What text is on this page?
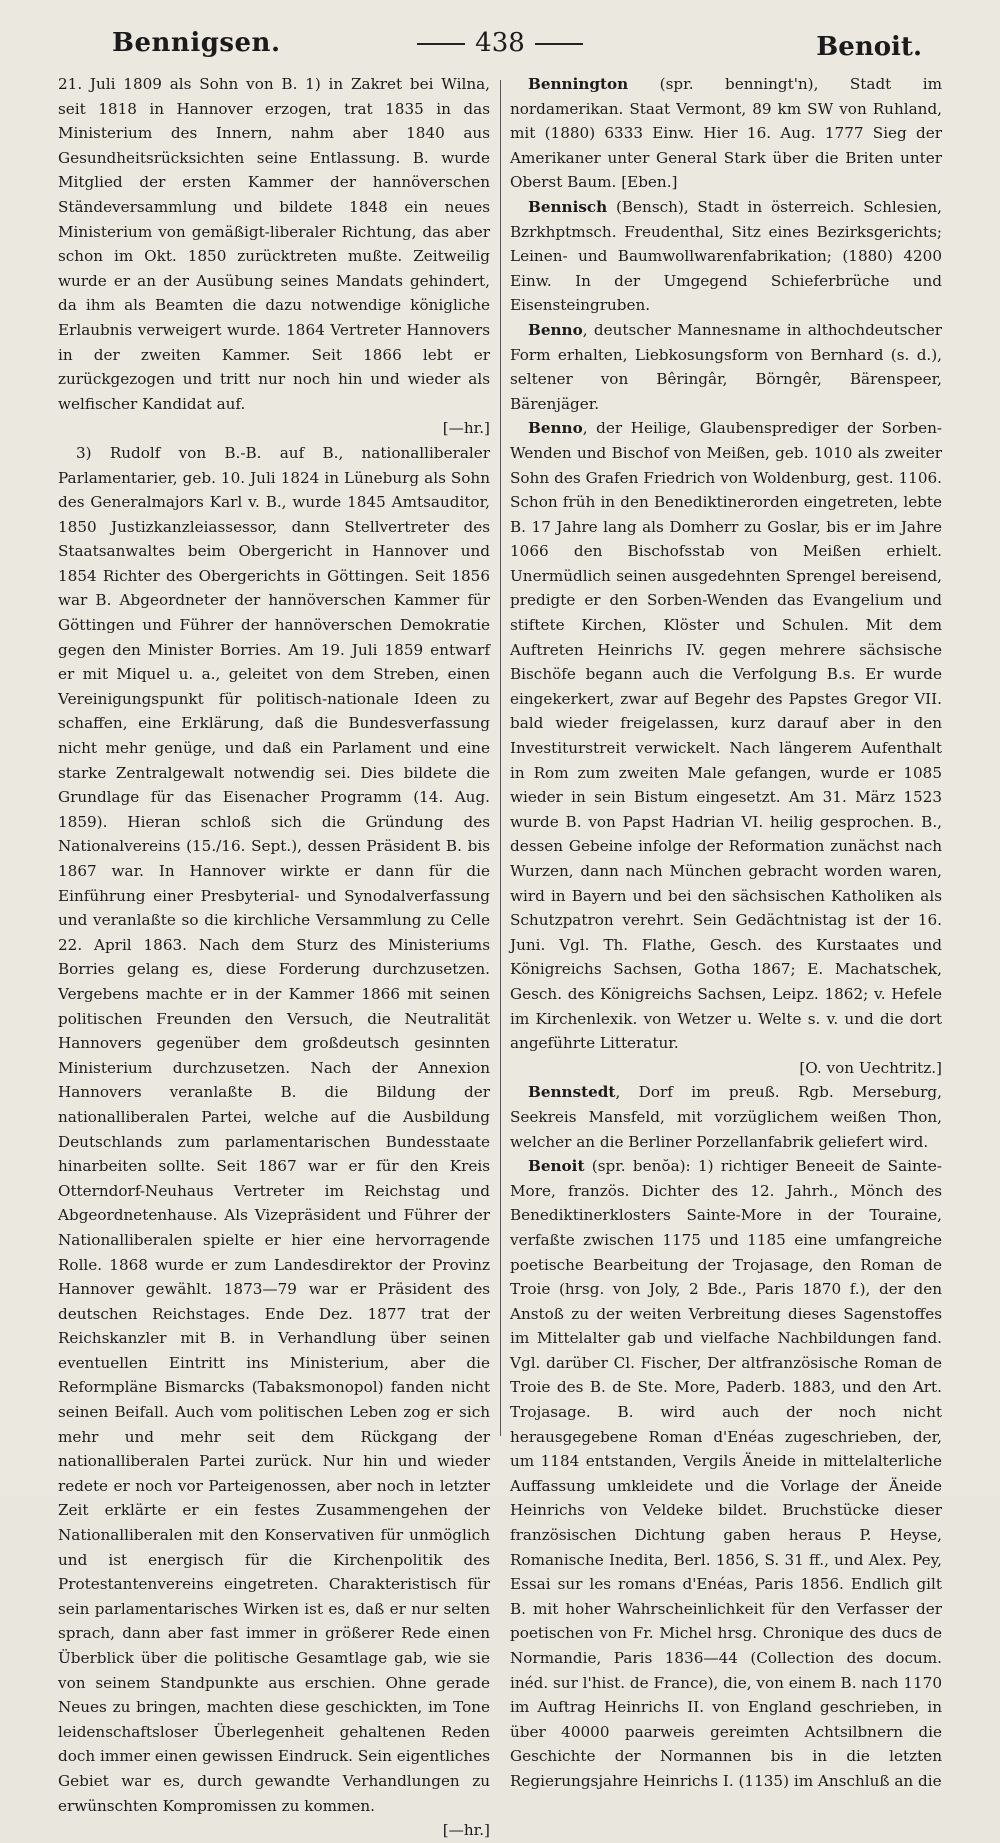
Bennigsen.	438	Benoit.

21. Juli 1809 als Sohn von B. 1) in Zakret bei Wilna, seit 1818 in Hannover erzogen, trat 1835 in das Ministerium des Innern, nahm aber 1840 aus Gesundheitsrücksichten seine Entlassung. B. wurde Mitglied der ersten Kammer der hannöverschen Ständeversammlung und bildete 1848 ein neues Ministerium von gemäßigt-liberaler Richtung, das aber schon im Okt. 1850 zurücktreten mußte. Zeitweilig wurde er an der Ausübung seines Mandats gehindert, da ihm als Beamten die dazu notwendige königliche Erlaubnis verweigert wurde. 1864 Vertreter Hannovers in der zweiten Kammer. Seit 1866 lebt er zurückgezogen und tritt nur noch hin und wieder als welfischer Kandidat auf.
[—hr.]

3) Rudolf von B.-B. auf B., nationalliberaler Parlamentarier, geb. 10. Juli 1824 in Lüneburg als Sohn des Generalmajors Karl v. B., wurde 1845 Amtsauditor, 1850 Justizkanzleiassessor, dann Stellvertreter des Staatsanwaltes beim Obergericht in Hannover und 1854 Richter des Obergerichts in Göttingen. Seit 1856 war B. Abgeordneter der hannöverschen Kammer für Göttingen und Führer der hannöverschen Demokratie gegen den Minister Borries. Am 19. Juli 1859 entwarf er mit Miquel u. a., geleitet von dem Streben, einen Vereinigungspunkt für politisch-nationale Ideen zu schaffen, eine Erklärung, daß die Bundesverfassung nicht mehr genüge, und daß ein Parlament und eine starke Zentralgewalt notwendig sei. Dies bildete die Grundlage für das Eisenacher Programm (14. Aug. 1859). Hieran schloß sich die Gründung des Nationalvereins (15./16. Sept.), dessen Präsident B. bis 1867 war. In Hannover wirkte er dann für die Einführung einer Presbyterial- und Synodalverfassung und veranlaßte so die kirchliche Versammlung zu Celle 22. April 1863. Nach dem Sturz des Ministeriums Borries gelang es, diese Forderung durchzusetzen. Vergebens machte er in der Kammer 1866 mit seinen politischen Freunden den Versuch, die Neutralität Hannovers gegenüber dem großdeutsch gesinnten Ministerium durchzusetzen. Nach der Annexion Hannovers veranlaßte B. die Bildung der nationalliberalen Partei, welche auf die Ausbildung Deutschlands zum parlamentarischen Bundesstaate hinarbeiten sollte. Seit 1867 war er für den Kreis Otterndorf-Neuhaus Vertreter im Reichstag und Abgeordnetenhause. Als Vizepräsident und Führer der Nationalliberalen spielte er hier eine hervorragende Rolle. 1868 wurde er zum Landesdirektor der Provinz Hannover gewählt. 1873—79 war er Präsident des deutschen Reichstages. Ende Dez. 1877 trat der Reichskanzler mit B. in Verhandlung über seinen eventuellen Eintritt ins Ministerium, aber die Reformpläne Bismarcks (Tabaksmonopol) fanden nicht seinen Beifall. Auch vom politischen Leben zog er sich mehr und mehr seit dem Rückgang der nationalliberalen Partei zurück. Nur hin und wieder redete er noch vor Parteigenossen, aber noch in letzter Zeit erklärte er ein festes Zusammengehen der Nationalliberalen mit den Konservativen für unmöglich und ist energisch für die Kirchenpolitik des Protestantenvereins eingetreten. Charakteristisch für sein parlamentarisches Wirken ist es, daß er nur selten sprach, dann aber fast immer in größerer Rede einen Überblick über die politische Gesamtlage gab, wie sie von seinem Standpunkte aus erschien. Ohne gerade Neues zu bringen, machten diese geschickten, im Tone leidenschaftsloser Überlegenheit gehaltenen Reden doch immer einen gewissen Eindruck. Sein eigentliches Gebiet war es, durch gewandte Verhandlungen zu erwünschten Kompromissen zu kommen.
[—hr.]

Bennington (spr. benningt'n), Stadt im nordamerikan. Staat Vermont, 89 km SW von Ruhland, mit (1880) 6333 Einw. Hier 16. Aug. 1777 Sieg der Amerikaner unter General Stark über die Briten unter Oberst Baum. [Eben.]

Bennisch (Bensch), Stadt in österreich. Schlesien, Bzrkhptmsch. Freudenthal, Sitz eines Bezirksgerichts; Leinen- und Baumwollwarenfabrikation; (1880) 4200 Einw. In der Umgegend Schieferbrüche und Eisensteingruben.

Benno, deutscher Mannesname in althochdeutscher Form erhalten, Liebkosungsform von Bernhard (s. d.), seltener von Bêringâr, Börngêr, Bärenspeer, Bärenjäger.

Benno, der Heilige, Glaubensprediger der Sorben-Wenden und Bischof von Meißen, geb. 1010 als zweiter Sohn des Grafen Friedrich von Woldenburg, gest. 1106. Schon früh in den Benediktinerorden eingetreten, lebte B. 17 Jahre lang als Domherr zu Goslar, bis er im Jahre 1066 den Bischofsstab von Meißen erhielt. Unermüdlich seinen ausgedehnten Sprengel bereisend, predigte er den Sorben-Wenden das Evangelium und stiftete Kirchen, Klöster und Schulen. Mit dem Auftreten Heinrichs IV. gegen mehrere sächsische Bischöfe begann auch die Verfolgung B.s. Er wurde eingekerkert, zwar auf Begehr des Papstes Gregor VII. bald wieder freigelassen, kurz darauf aber in den Investiturstreit verwickelt. Nach längerem Aufenthalt in Rom zum zweiten Male gefangen, wurde er 1085 wieder in sein Bistum eingesetzt. Am 31. März 1523 wurde B. von Papst Hadrian VI. heilig gesprochen. B., dessen Gebeine infolge der Reformation zunächst nach Wurzen, dann nach München gebracht worden waren, wird in Bayern und bei den sächsischen Katholiken als Schutzpatron verehrt. Sein Gedächtnistag ist der 16. Juni. Vgl. Th. Flathe, Gesch. des Kurstaates und Königreichs Sachsen, Gotha 1867; E. Machatschek, Gesch. des Königreichs Sachsen, Leipz. 1862; v. Hefele im Kirchenlexik. von Wetzer u. Welte s. v. und die dort angeführte Litteratur.
[O. von Uechtritz.]

Bennstedt, Dorf im preuß. Rgb. Merseburg, Seekreis Mansfeld, mit vorzüglichem weißen Thon, welcher an die Berliner Porzellanfabrik geliefert wird.

Benoit (spr. benŏa): 1) richtiger Beneeit de Sainte-More, französ. Dichter des 12. Jahrh., Mönch des Benediktinerklosters Sainte-More in der Touraine, verfaßte zwischen 1175 und 1185 eine umfangreiche poetische Bearbeitung der Trojasage, den Roman de Troie (hrsg. von Joly, 2 Bde., Paris 1870 f.), der den Anstoß zu der weiten Verbreitung dieses Sagenstoffes im Mittelalter gab und vielfache Nachbildungen fand. Vgl. darüber Cl. Fischer, Der altfranzösische Roman de Troie des B. de Ste. More, Paderb. 1883, und den Art. Trojasage. B. wird auch der noch nicht herausgegebene Roman d'Enéas zugeschrieben, der, um 1184 entstanden, Vergils Äneide in mittelalterliche Auffassung umkleidete und die Vorlage der Äneide Heinrichs von Veldeke bildet. Bruchstücke dieser französischen Dichtung gaben heraus P. Heyse, Romanische Inedita, Berl. 1856, S. 31 ff., und Alex. Pey, Essai sur les romans d'Enéas, Paris 1856. Endlich gilt B. mit hoher Wahrscheinlichkeit für den Verfasser der poetischen von Fr. Michel hrsg. Chronique des ducs de Normandie, Paris 1836—44 (Collection des docum. inéd. sur l'hist. de France), die, von einem B. nach 1170 im Auftrag Heinrichs II. von England geschrieben, in über 40000 paarweis gereimten Achtsilbnern die Geschichte der Normannen bis in die letzten Regierungsjahre Heinrichs I. (1135) im Anschluß an die
